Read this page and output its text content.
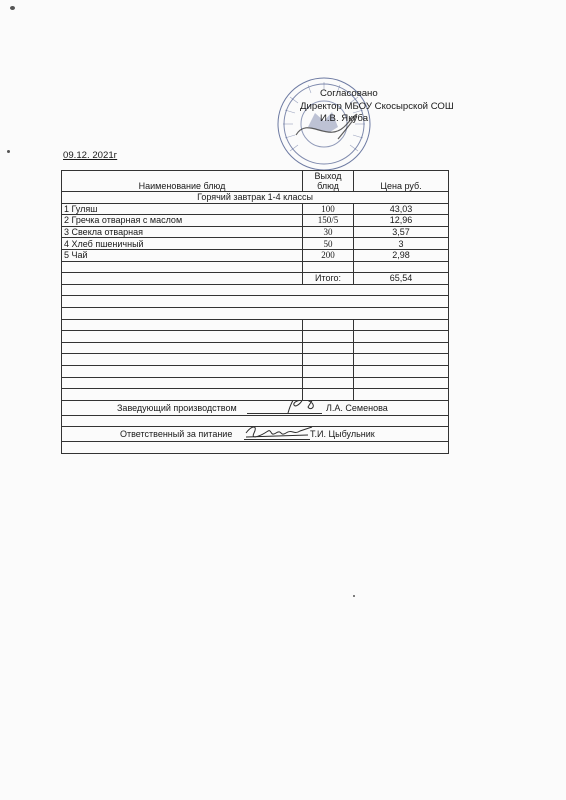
Согласовано
Директор МБОУ Скосырской СОШ
И.В. Якуба
09.12. 2021г
Наименование блюд	Выход блюд	Цена руб.
Горячий завтрак 1-4 классы		
1 Гуляш	100	43,03
2 Гречка отварная с маслом	150/5	12,96
3 Свекла отварная	30	3,57
4 Хлеб пшеничный	50	3
5 Чай	200	2,98

	Итого:	65,54

Заведующий производством Л.А. Семенова		

Ответственный за питание Т.И. Цыбульник		
